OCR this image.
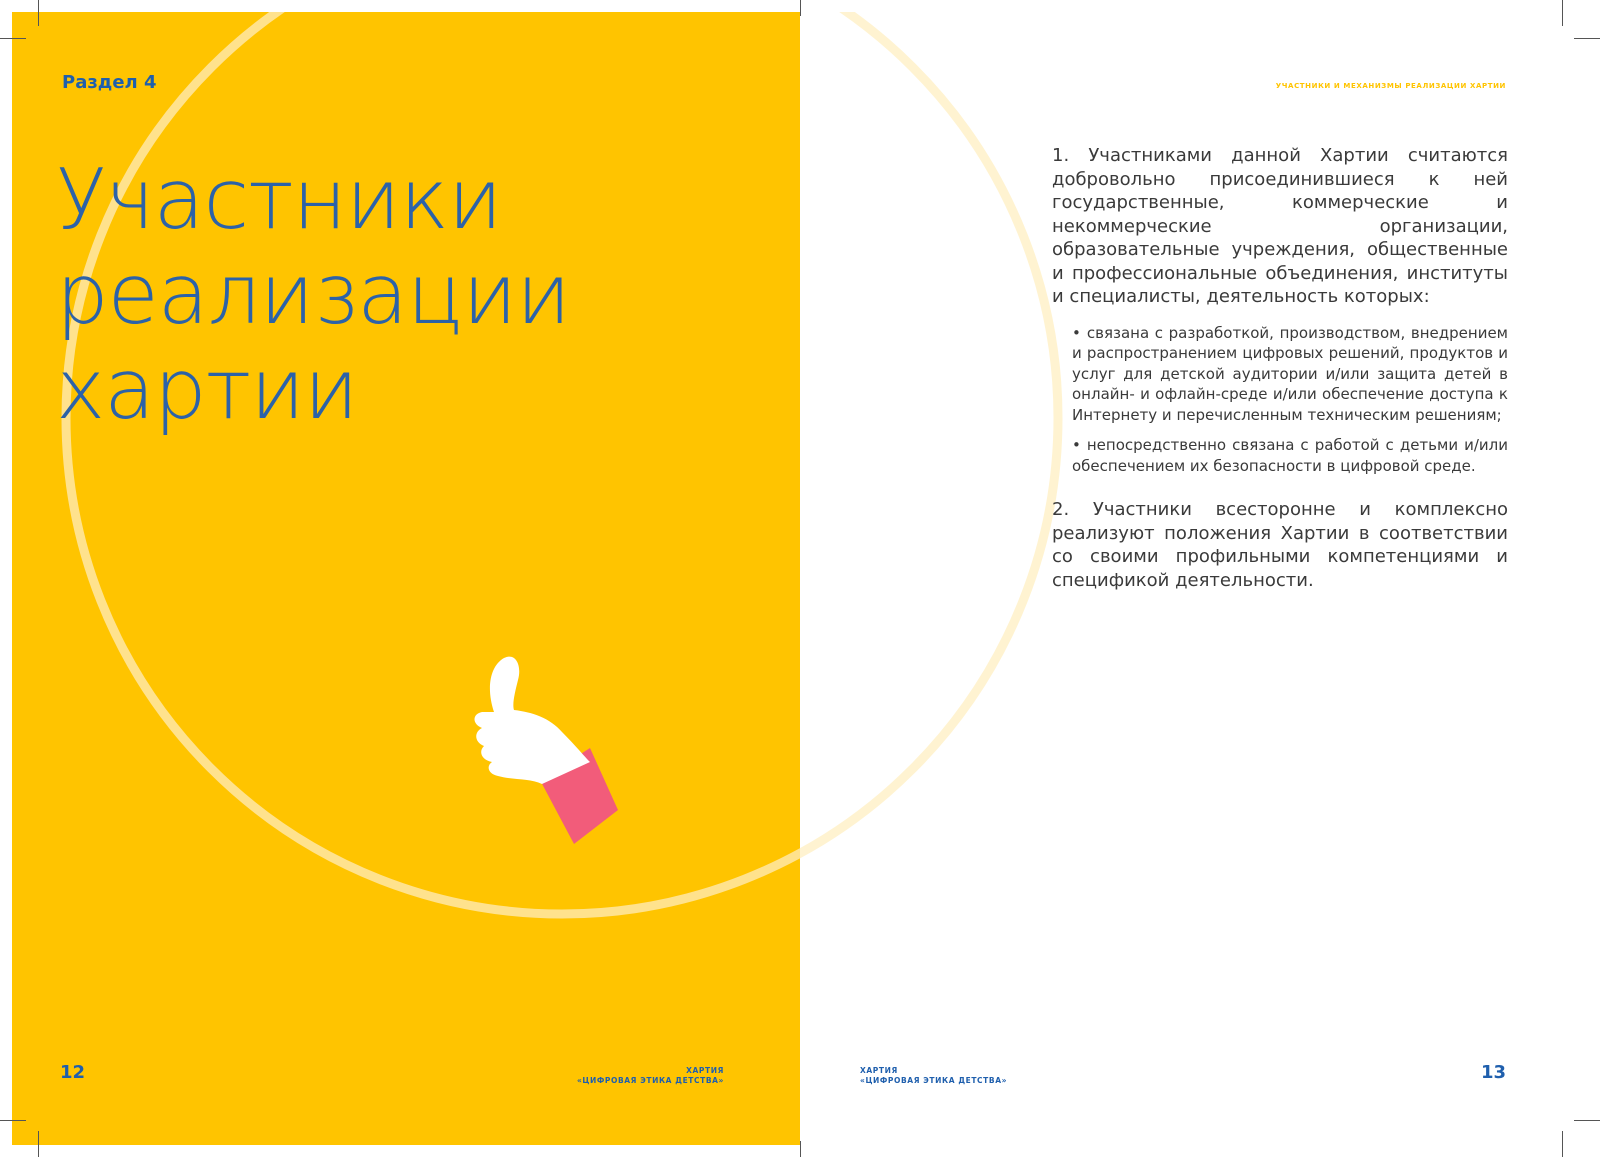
Раздел 4
Участники
реализации
хартии
12	ХАРТИЯ
«ЦИФРОВАЯ ЭТИКА ДЕТСТВА»
УЧАСТНИКИ И МЕХАНИЗМЫ РЕАЛИЗАЦИИ ХАРТИИ

1. Участниками данной Хартии считаются добровольно присоединившиеся к ней государственные, коммерческие и некоммерческие организации, образовательные учреждения, общественные и профессиональные объединения, институты и специалисты, деятельность которых:

• связана с разработкой, производством, внедрением и распространением цифровых решений, продуктов и услуг для детской аудитории и/или защита детей в онлайн- и офлайн-среде и/или обеспечение доступа к Интернету и перечисленным техническим решениям;
• непосредственно связана с работой с детьми и/или обеспечением их безопасности в цифровой среде.

2. Участники всесторонне и комплексно реализуют положения Хартии в соответствии со своими профильными компетенциями и спецификой деятельности.

ХАРТИЯ
«ЦИФРОВАЯ ЭТИКА ДЕТСТВА»	13
